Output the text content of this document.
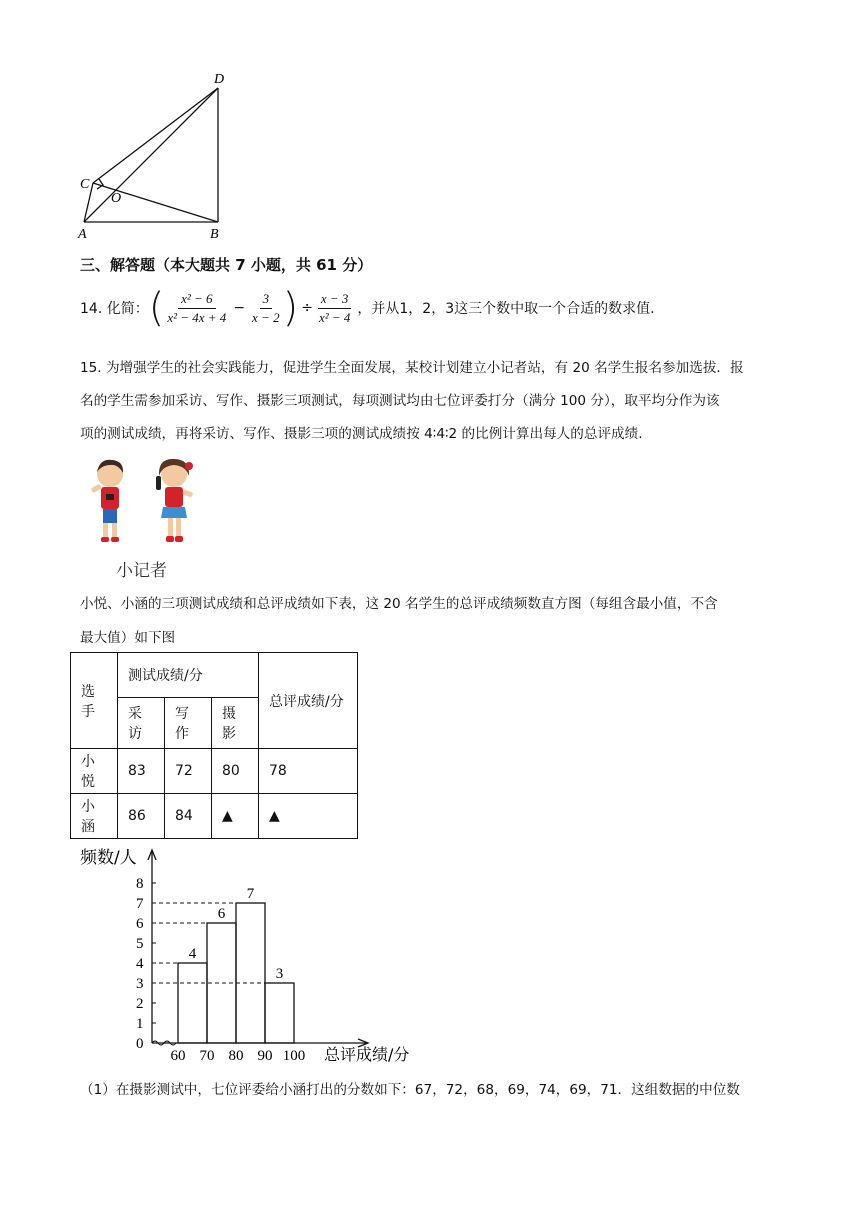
D
C
O
A	B
三、解答题（本大题共 7 小题，共 61 分）
14. 化简： ( $\frac{\text{x² − 6}}{\text{x² − 4x + 4}} - \frac{3}{x - 2}$ ) ÷ $\frac{x - 3}{\text{x² − 4}}$ ，并从1，2，3这三个数中取一个合适的数求值.
15. 为增强学生的社会实践能力，促进学生全面发展，某校计划建立小记者站，有 20 名学生报名参加选拔．报
名的学生需参加采访、写作、摄影三项测试，每项测试均由七位评委打分（满分 100 分），取平均分作为该
项的测试成绩，再将采访、写作、摄影三项的测试成绩按 4∶4∶2 的比例计算出每人的总评成绩.
小记者
小悦、小涵的三项测试成绩和总评成绩如下表，这 20 名学生的总评成绩频数直方图（每组含最小值，不含
最大值）如下图
选手	测试成绩/分			总评成绩/分
	采访	写作	摄影	
小悦	83	72	80	78
小涵	86	84	▲	▲
频数/人
总评成绩/分
0
1
2
3
4
5
6
7
8
4
6
7
3
60 70 80 90 100
（1）在摄影测试中，七位评委给小涵打出的分数如下：67，72，68，69，74，69，71．这组数据的中位数
